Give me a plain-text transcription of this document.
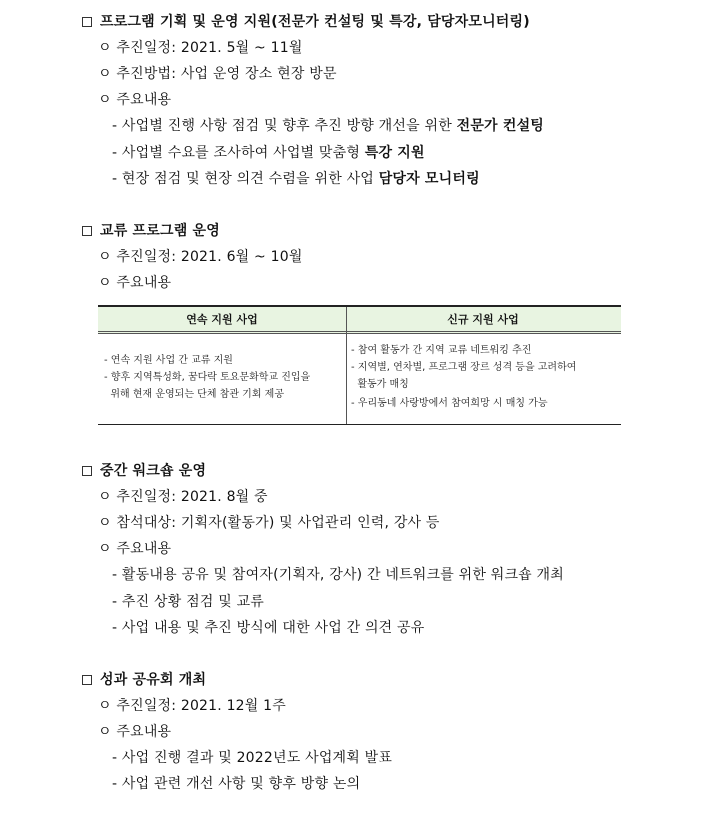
프로그램 기획 및 운영 지원(전문가 컨설팅 및 특강, 담당자모니터링)
ㅇ 추진일정: 2021. 5월 ~ 11월
ㅇ 추진방법: 사업 운영 장소 현장 방문
ㅇ 주요내용
- 사업별 진행 사항 점검 및 향후 추진 방향 개선을 위한 전문가 컨설팅
- 사업별 수요를 조사하여 사업별 맞춤형 특강 지원
- 현장 점검 및 현장 의견 수렴을 위한 사업 담당자 모니터링
교류 프로그램 운영
ㅇ 추진일정: 2021. 6월 ~ 10월
ㅇ 주요내용
연속 지원 사업	신규 지원 사업
- 연속 지원 사업 간 교류 지원
- 향후 지역특성화, 꿈다락 토요문화학교 진입을
위해 현재 운영되는 단체 참관 기회 제공
- 참여 활동가 간 지역 교류 네트워킹 추진
- 지역별, 연차별, 프로그램 장르 성격 등을 고려하여
활동가 매칭
- 우리동네 사랑방에서 참여희망 시 매칭 가능
중간 워크숍 운영
ㅇ 추진일정: 2021. 8월 중
ㅇ 참석대상: 기획자(활동가) 및 사업관리 인력, 강사 등
ㅇ 주요내용
- 활동내용 공유 및 참여자(기획자, 강사) 간 네트워크를 위한 워크숍 개최
- 추진 상황 점검 및 교류
- 사업 내용 및 추진 방식에 대한 사업 간 의견 공유
성과 공유회 개최
ㅇ 추진일정: 2021. 12월 1주
ㅇ 주요내용
- 사업 진행 결과 및 2022년도 사업계획 발표
- 사업 관련 개선 사항 및 향후 방향 논의
